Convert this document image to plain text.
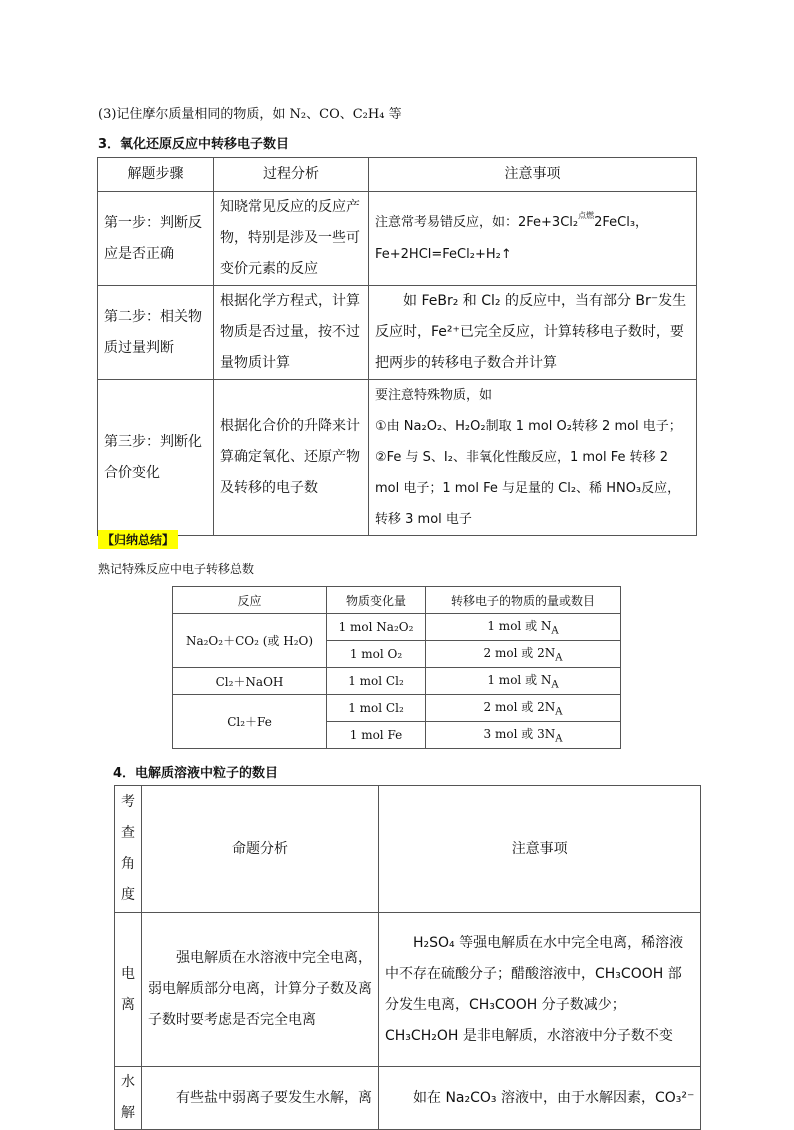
(3)记住摩尔质量相同的物质，如 N₂、CO、C₂H₄ 等
3．氧化还原反应中转移电子数目
解题步骤	过程分析	注意事项
第一步：判断反应是否正确	知晓常见反应的反应产物，特别是涉及一些可变价元素的反应	注意常考易错反应，如：2Fe+3Cl₂$^{点燃}$2FeCl₃，
Fe+2HCl=FeCl₂+H₂↑
第二步：相关物质过量判断	根据化学方程式，计算物质是否过量，按不过量物质计算	如 FeBr₂ 和 Cl₂ 的反应中，当有部分 Br⁻发生反应时，Fe²⁺已完全反应，计算转移电子数时，要把两步的转移电子数合并计算
第三步：判断化合价变化	根据化合价的升降来计算确定氧化、还原产物及转移的电子数	要注意特殊物质，如
①由 Na₂O₂、H₂O₂制取 1 mol O₂转移 2 mol 电子；
②Fe 与 S、I₂、非氧化性酸反应，1 mol Fe 转移 2 mol 电子；1 mol Fe 与足量的 Cl₂、稀 HNO₃反应，转移 3 mol 电子
【归纳总结】
熟记特殊反应中电子转移总数
反应	物质变化量	转移电子的物质的量或数目
Na₂O₂＋CO₂ (或 H₂O)	1 mol Na₂O₂	1 mol 或 $N_A$
	1 mol O₂	2 mol 或 $2N_A$
Cl₂＋NaOH	1 mol Cl₂	1 mol 或 $N_A$
Cl₂＋Fe	1 mol Cl₂	2 mol 或 $2N_A$
	1 mol Fe	3 mol 或 $3N_A$
4．电解质溶液中粒子的数目
考查角度	命题分析	注意事项
电离	强电解质在水溶液中完全电离，弱电解质部分电离，计算分子数及离子数时要考虑是否完全电离	H₂SO₄ 等强电解质在水中完全电离，稀溶液中不存在硫酸分子；醋酸溶液中，CH₃COOH 部分发生电离，CH₃COOH 分子数减少；CH₃CH₂OH 是非电解质，水溶液中分子数不变
水解	有些盐中弱离子要发生水解，离	如在 Na₂CO₃ 溶液中，由于水解因素，CO₃²⁻
